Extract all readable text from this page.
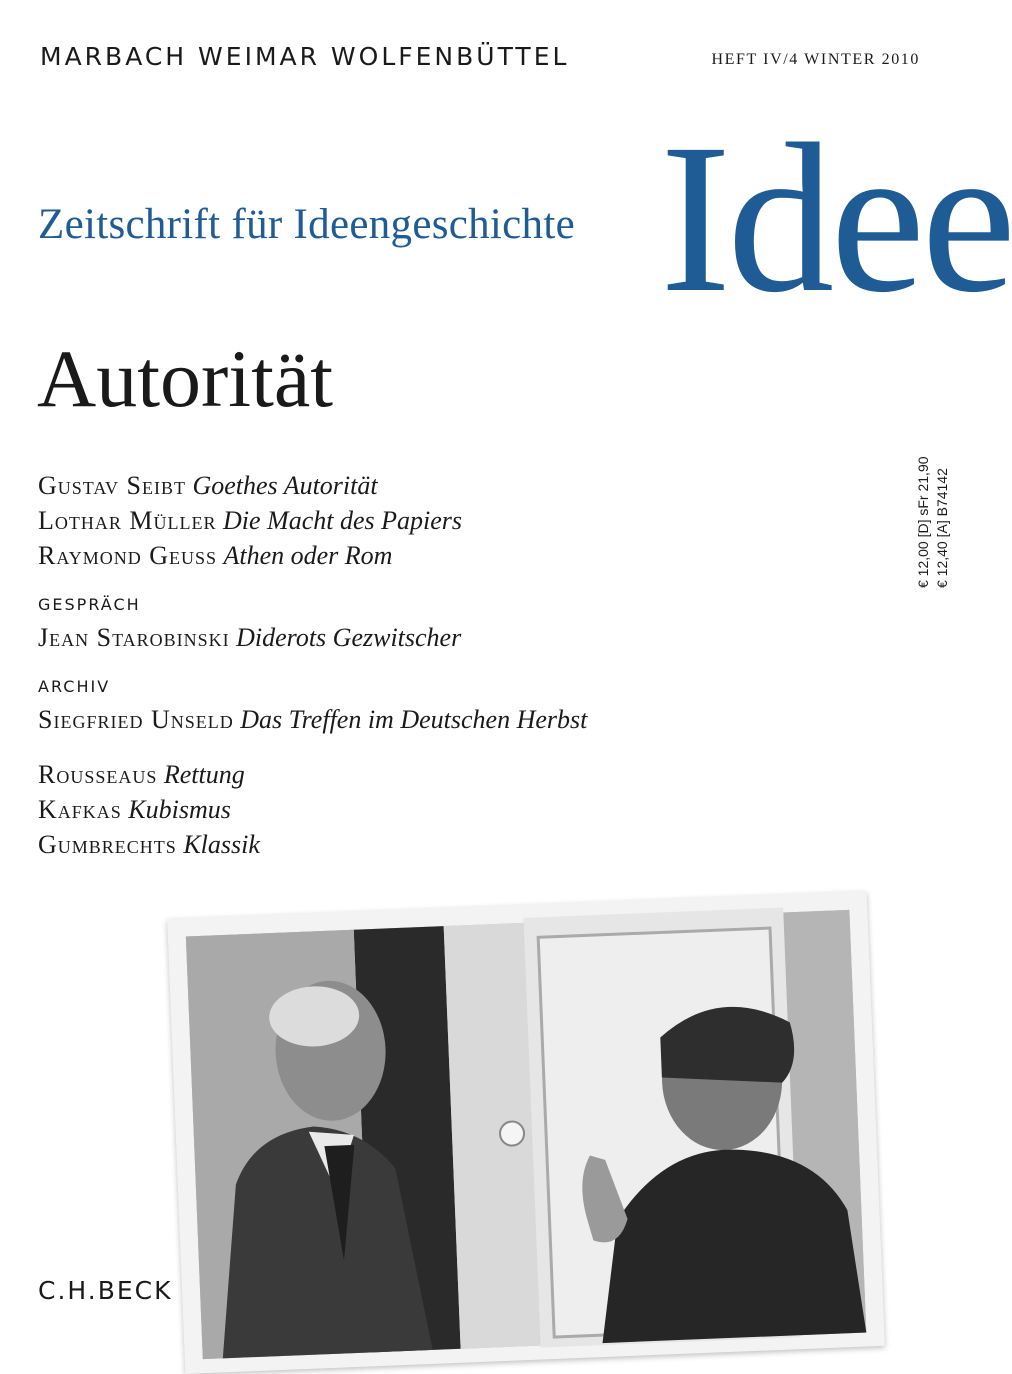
MARBACH WEIMAR WOLFENBÜTTEL	HEFT IV/4 WINTER 2010
Zeitschrift für Ideengeschichte Idee
Autorität
€ 12,00 [D] sFr 21,90 € 12,40 [A] B74142
Gustav Seibt Goethes Autorität
Lothar Müller Die Macht des Papiers
Raymond Geuss Athen oder Rom
GESPRÄCH
Jean Starobinski Diderots Gezwitscher
ARCHIV
Siegfried Unseld Das Treffen im Deutschen Herbst
Rousseaus Rettung
Kafkas Kubismus
Gumbrechts Klassik
C.H.BECK
